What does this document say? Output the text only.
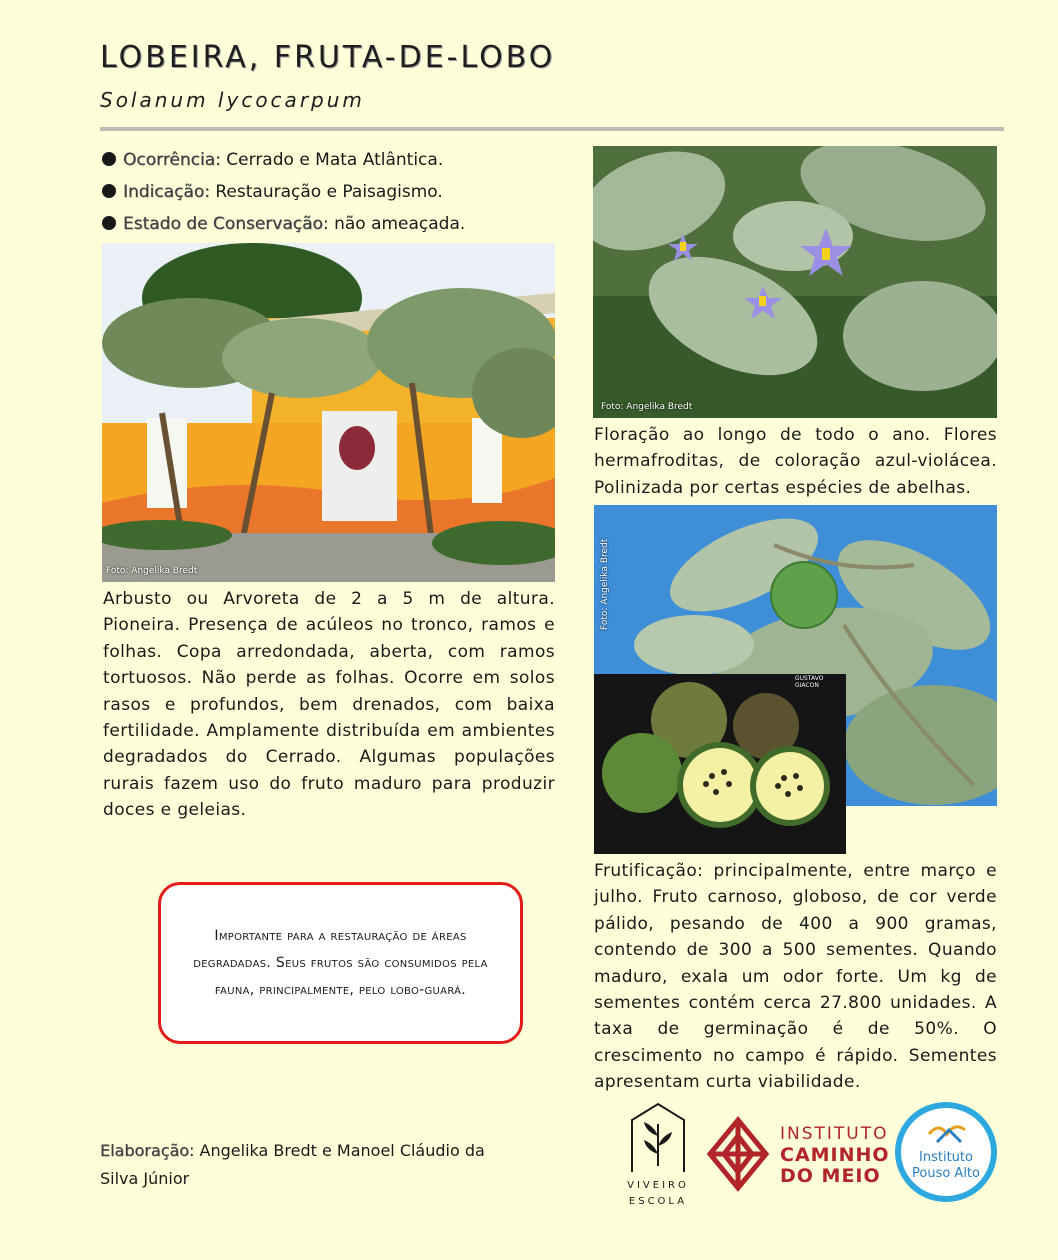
LOBEIRA, FRUTA-DE-LOBO
Solanum lycocarpum
Ocorrência: Cerrado e Mata Atlântica.
Indicação: Restauração e Paisagismo.
Estado de Conservação: não ameaçada.
Foto: Angelika Bredt
Arbusto ou Arvoreta de 2 a 5 m de altura. Pioneira. Presença de acúleos no tronco, ramos e folhas. Copa arredondada, aberta, com ramos tortuosos. Não perde as folhas. Ocorre em solos rasos e profundos, bem drenados, com baixa fertilidade. Amplamente distribuída em ambientes degradados do Cerrado. Algumas populações rurais fazem uso do fruto maduro para produzir doces e geleias.
Foto: Angelika Bredt
Floração ao longo de todo o ano. Flores hermafroditas, de coloração azul-violácea. Polinizada por certas espécies de abelhas.
Foto: Angelika Bredt
GUSTAVO GIACON
Frutificação: principalmente, entre março e julho. Fruto carnoso, globoso, de cor verde pálido, pesando de 400 a 900 gramas, contendo de 300 a 500 sementes. Quando maduro, exala um odor forte. Um kg de sementes contém cerca 27.800 unidades. A taxa de germinação é de 50%. O crescimento no campo é rápido. Sementes apresentam curta viabilidade.
Importante para a restauração de áreas degradadas. Seus frutos são consumidos pela fauna, principalmente, pelo lobo-guará.
Elaboração: Angelika Bredt e Manoel Cláudio da Silva Júnior	VIVEIRO
ESCOLA
INSTITUTO
CAMINHO
DO MEIO
Instituto
Pouso Alto
